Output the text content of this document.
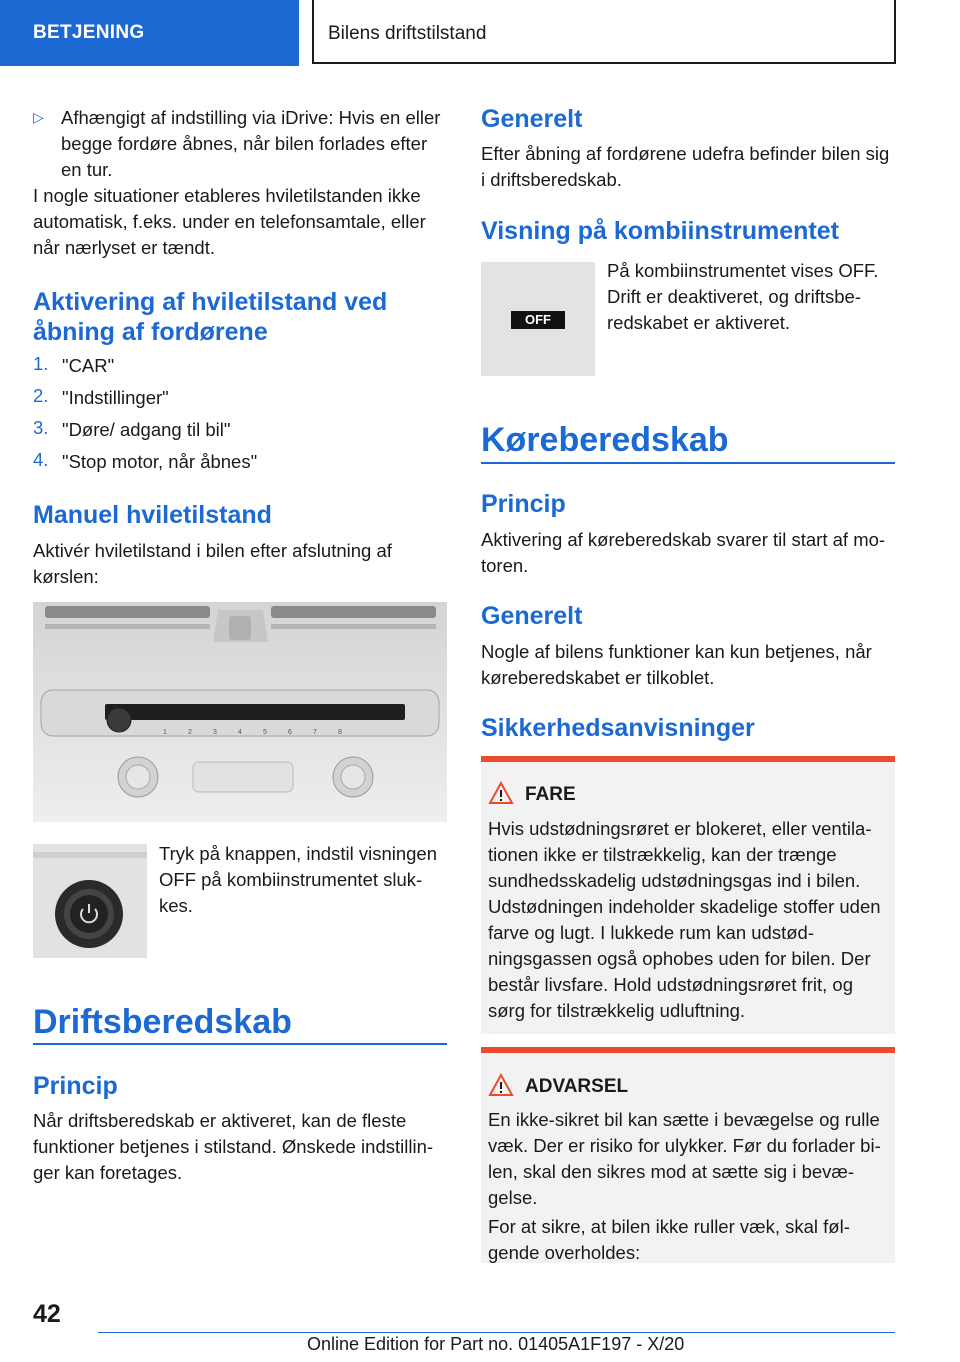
BETJENING	Bilens driftstilstand
▷ Afhængigt af indstilling via iDrive: Hvis en eller begge fordøre åbnes, når bilen forlades efter en tur.

I nogle situationer etableres hviletilstanden ikke automatisk, f.eks. under en telefonsamtale, eller når nærlyset er tændt.

Aktivering af hviletilstand ved
åbning af fordørene
1. "CAR"

2. "Indstillinger"

3. "Døre/ adgang til bil"

4. "Stop motor, når åbnes"

Manuel hviletilstand

Aktivér hviletilstand i bilen efter afslutning af kørslen:

1	2	3	4	5	6	7	8

Tryk på knappen, indstil visningen OFF på kombiinstrumentet slukkes.

Driftsberedskab
Princip

Når driftsberedskab er aktiveret, kan de fleste funktioner betjenes i stilstand. Ønskede indstillinger kan foretages.

Generelt

Efter åbning af fordørene udefra befinder bilen sig i driftsberedskab.

Visning på kombiinstrumentet
OFF

På kombiinstrumentet vises OFF. Drift er deaktiveret, og driftsberedskabet er aktiveret.

Køreberedskab
Princip

Aktivering af køreberedskab svarer til start af motoren.

Generelt

Nogle af bilens funktioner kan kun betjenes, når køreberedskabet er tilkoblet.

Sikkerhedsanvisninger
FARE

Hvis udstødningsrøret er blokeret, eller ventilationen ikke er tilstrækkelig, kan der trænge sundhedsskadelig udstødningsgas ind i bilen. Udstødningen indeholder skadelige stoffer uden farve og lugt. I lukkede rum kan udstødningsgassen også ophobes uden for bilen. Der består livsfare. Hold udstødningsrøret frit, og sørg for tilstrækkelig udluftning.

ADVARSEL

En ikke-sikret bil kan sætte i bevægelse og rulle væk. Der er risiko for ulykker. Før du forlader bilen, skal den sikres mod at sætte sig i bevægelse.

For at sikre, at bilen ikke ruller væk, skal følgende overholdes:

42
Online Edition for Part no. 01405A1F197 - X/20
